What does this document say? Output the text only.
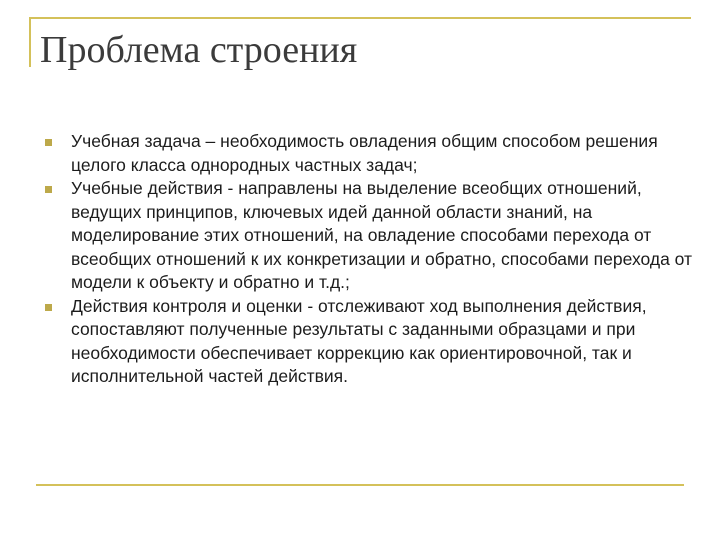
Проблема строения
Учебная задача – необходимость овладения общим способом решения целого класса однородных частных задач;
Учебные действия - направлены на выделение всеобщих отношений, ведущих принципов, ключевых идей данной области знаний, на моделирование этих отношений, на овладение способами перехода от всеобщих отношений к их конкретизации и обратно, способами перехода от модели к объекту и обратно и т.д.;
Действия контроля и оценки - отслеживают ход выполнения действия, сопоставляют полученные результаты с заданными образцами и при необходимости обеспечивает коррекцию как ориентировочной, так и исполнительной частей действия.
